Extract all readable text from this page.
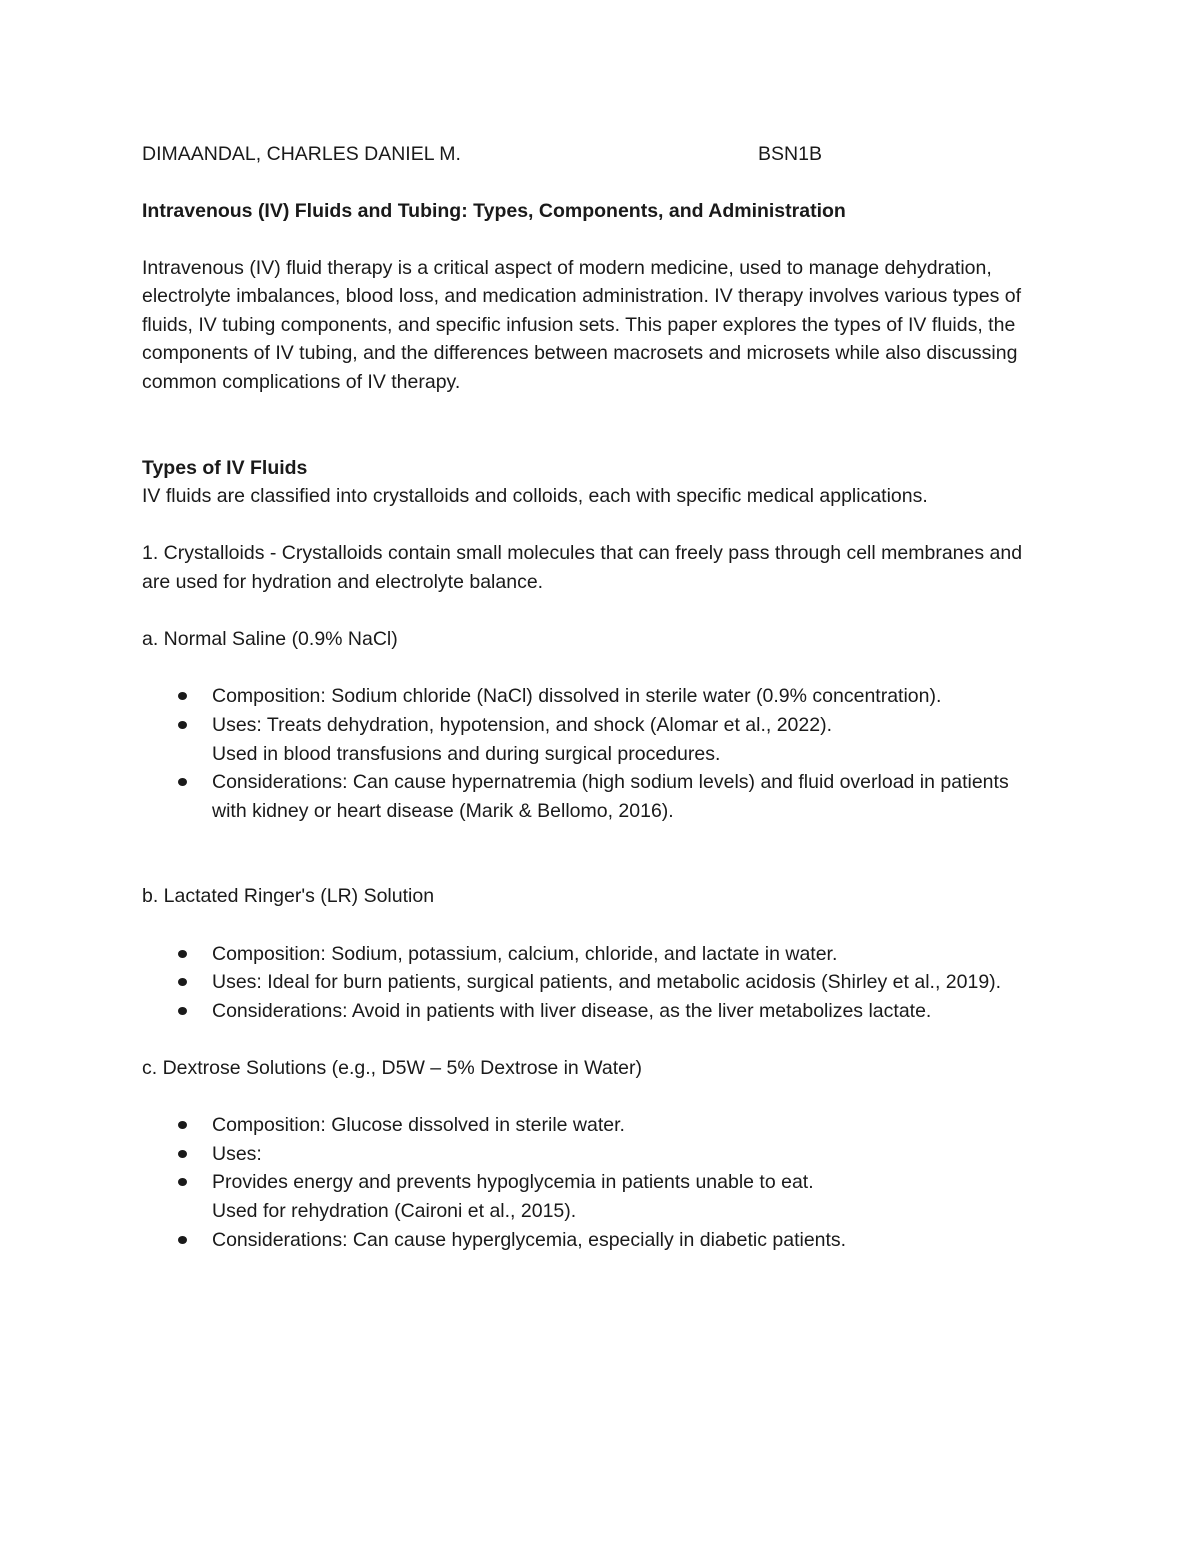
DIMAANDAL, CHARLES DANIEL M.	BSN1B

Intravenous (IV) Fluids and Tubing: Types, Components, and Administration

Intravenous (IV) fluid therapy is a critical aspect of modern medicine, used to manage dehydration, electrolyte imbalances, blood loss, and medication administration. IV therapy involves various types of fluids, IV tubing components, and specific infusion sets. This paper explores the types of IV fluids, the components of IV tubing, and the differences between macrosets and microsets while also discussing common complications of IV therapy.

Types of IV Fluids

IV fluids are classified into crystalloids and colloids, each with specific medical applications.

1. Crystalloids - Crystalloids contain small molecules that can freely pass through cell membranes and are used for hydration and electrolyte balance.

a. Normal Saline (0.9% NaCl)

Composition: Sodium chloride (NaCl) dissolved in sterile water (0.9% concentration).
Uses: Treats dehydration, hypotension, and shock (Alomar et al., 2022).
Used in blood transfusions and during surgical procedures.
Considerations: Can cause hypernatremia (high sodium levels) and fluid overload in patients with kidney or heart disease (Marik & Bellomo, 2016).

b. Lactated Ringer's (LR) Solution

Composition: Sodium, potassium, calcium, chloride, and lactate in water.
Uses: Ideal for burn patients, surgical patients, and metabolic acidosis (Shirley et al., 2019).
Considerations: Avoid in patients with liver disease, as the liver metabolizes lactate.

c. Dextrose Solutions (e.g., D5W – 5% Dextrose in Water)

Composition: Glucose dissolved in sterile water.
Uses:
Provides energy and prevents hypoglycemia in patients unable to eat.
Used for rehydration (Caironi et al., 2015).
Considerations: Can cause hyperglycemia, especially in diabetic patients.
